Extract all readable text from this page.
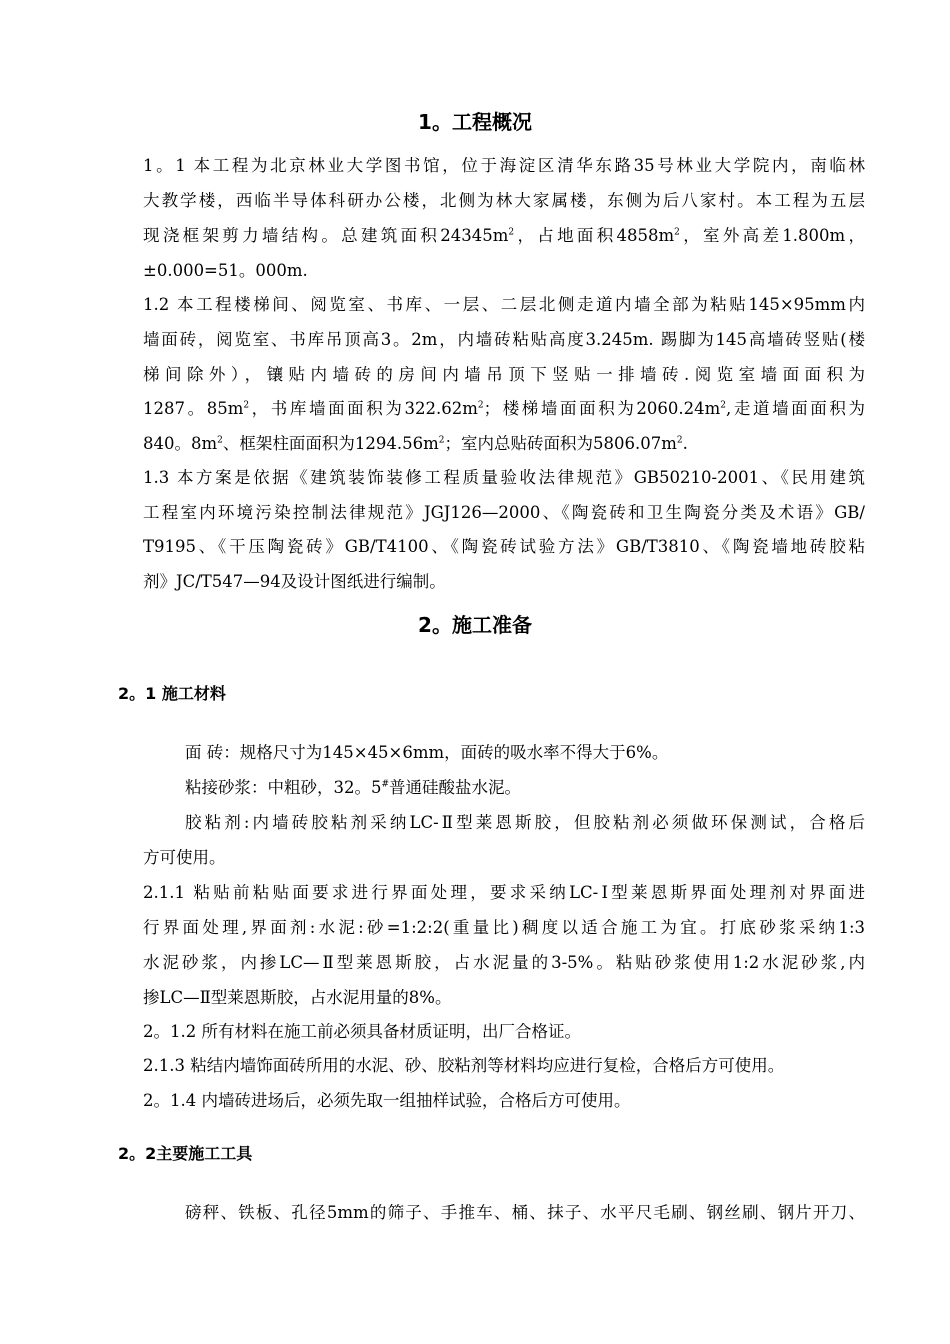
1。工程概况
1。1 本工程为北京林业大学图书馆，位于海淀区清华东路35号林业大学院内，南临林
大教学楼，西临半导体科研办公楼，北侧为林大家属楼，东侧为后八家村。本工程为五层
现浇框架剪力墙结构。总建筑面积$24345m^2$，占地面积$4858m^2$，室外高差1.800m，
±0.000=51。000m.
1.2 本工程楼梯间、阅览室、书库、一层、二层北侧走道内墙全部为粘贴145×95mm内
墙面砖，阅览室、书库吊顶高3。2m，内墙砖粘贴高度3.245m. 踢脚为145高墙砖竖贴(楼
梯间除外），镶贴内墙砖的房间内墙吊顶下竖贴一排墙砖.阅览室墙面面积为
1287。$85m^2$，书库墙面面积为$322.62m^2$；楼梯墙面面积为$2060.24m^2$,走道墙面面积为
840。$8m^2$、框架柱面面积为$1294.56m^2$；室内总贴砖面积为$5806.07m^2$.
1.3 本方案是依据《建筑装饰装修工程质量验收法律规范》GB50210-2001、《民用建筑
工程室内环境污染控制法律规范》JGJ126—2000、《陶瓷砖和卫生陶瓷分类及术语》GB/
T9195、《干压陶瓷砖》GB/T4100、《陶瓷砖试验方法》GB/T3810、《陶瓷墙地砖胶粘
剂》JC/T547—94及设计图纸进行编制。
2。施工准备
2。1 施工材料
面 砖：规格尺寸为145×45×6mm，面砖的吸水率不得大于6%。
粘接砂浆：中粗砂，32。5#普通硅酸盐水泥。
胶粘剂:内墙砖胶粘剂采纳LC-Ⅱ型莱恩斯胶，但胶粘剂必须做环保测试，合格后
方可使用。
2.1.1 粘贴前粘贴面要求进行界面处理，要求采纳LC-Ⅰ型莱恩斯界面处理剂对界面进
行界面处理,界面剂:水泥:砂=1:2:2(重量比)稠度以适合施工为宜。打底砂浆采纳1:3
水泥砂浆，内掺LC—Ⅱ型莱恩斯胶，占水泥量的3-5%。粘贴砂浆使用1:2水泥砂浆,内
掺LC—Ⅱ型莱恩斯胶，占水泥用量的8%。
2。1.2 所有材料在施工前必须具备材质证明，出厂合格证。
2.1.3 粘结内墙饰面砖所用的水泥、砂、胶粘剂等材料均应进行复检，合格后方可使用。
2。1.4 内墙砖进场后，必须先取一组抽样试验，合格后方可使用。
2。2主要施工工具
磅秤、铁板、孔径5mm的筛子、手推车、桶、抹子、水平尺毛刷、钢丝刷、钢片开刀、
